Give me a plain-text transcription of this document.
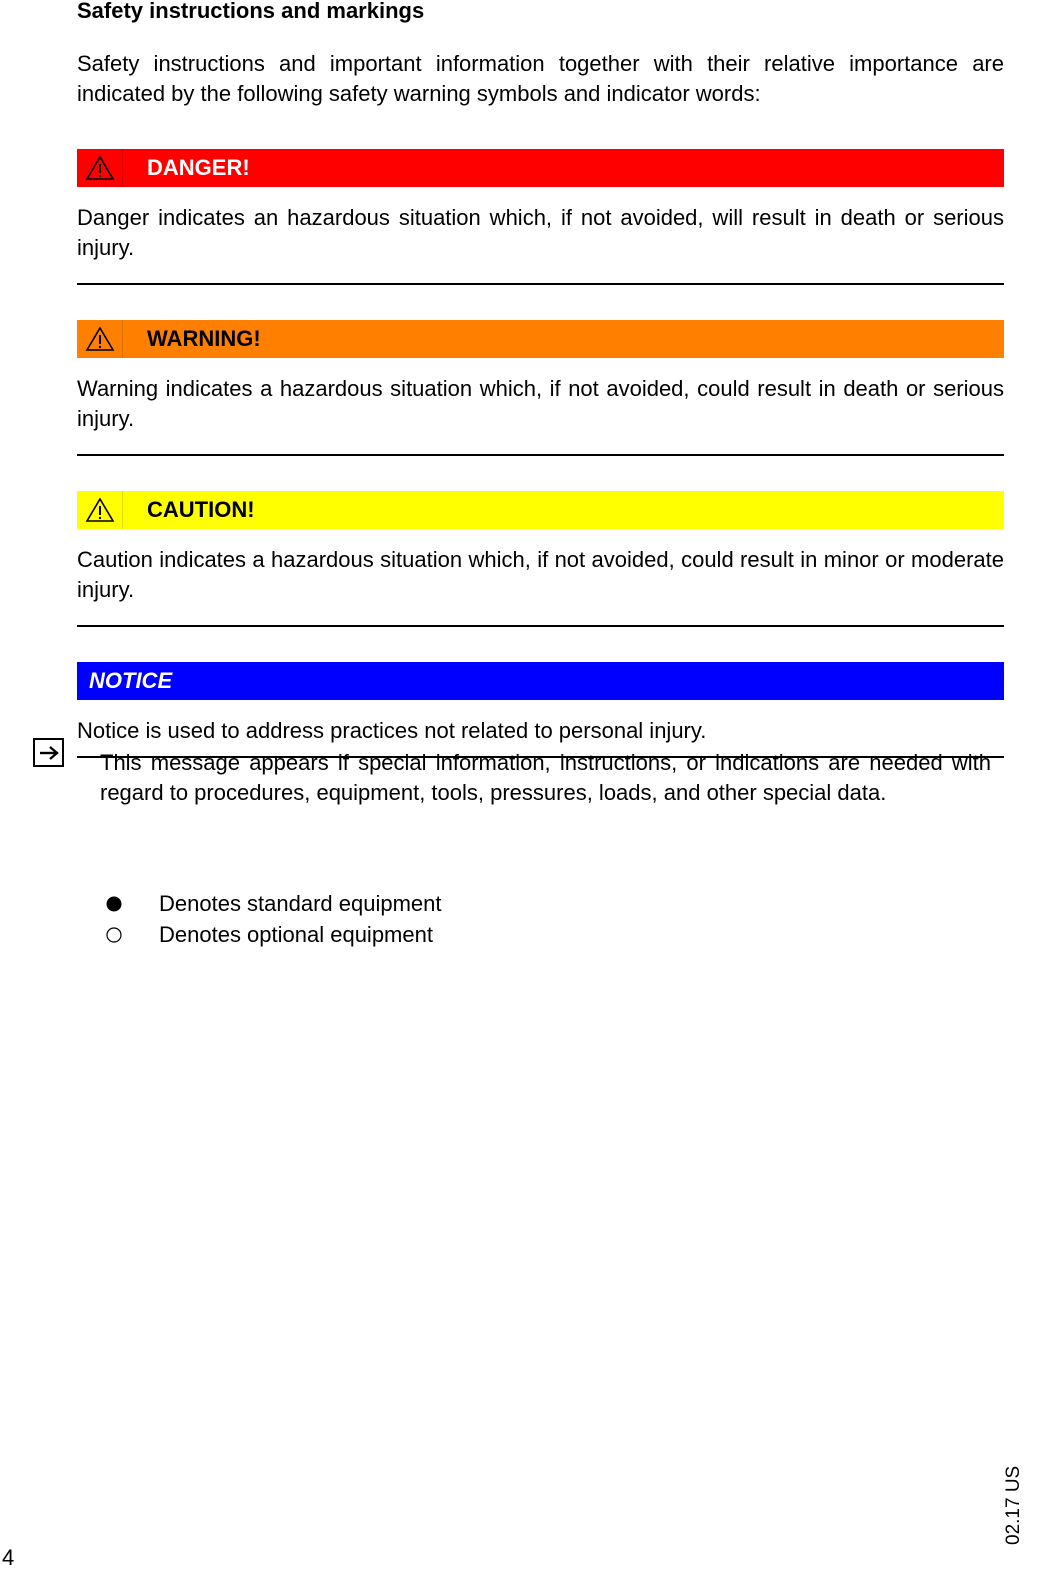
Safety instructions and markings
Safety instructions and important information together with their relative importance are indicated by the following safety warning symbols and indicator words:
DANGER!
Danger indicates an hazardous situation which, if not avoided, will result in death or serious injury.
WARNING!
Warning indicates a hazardous situation which, if not avoided, could result in death or serious injury.
CAUTION!
Caution indicates a hazardous situation which, if not avoided, could result in minor or moderate injury.
NOTICE
Notice is used to address practices not related to personal injury.
This message appears if special information, instructions, or indications are needed with regard to procedures, equipment, tools, pressures, loads, and other special data.
Denotes standard equipment
Denotes optional equipment
4
02.17 US
